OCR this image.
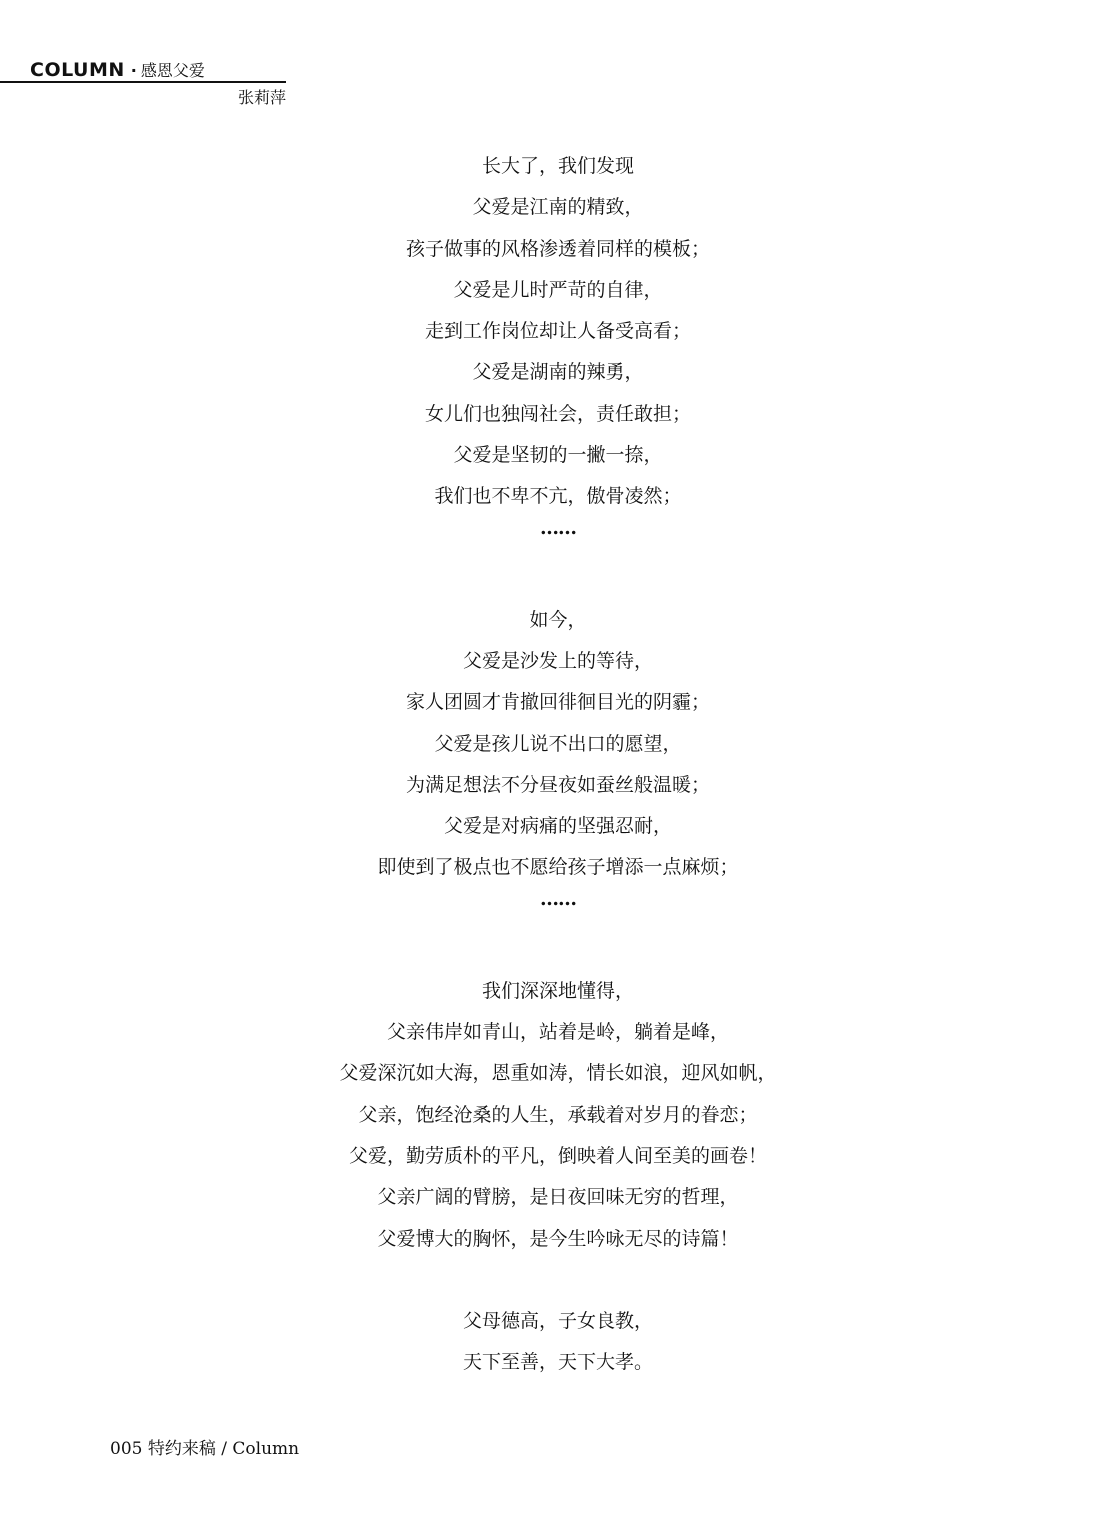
COLUMN · 感恩父爱
张莉萍
长大了，我们发现
父爱是江南的精致，
孩子做事的风格渗透着同样的模板；
父爱是儿时严苛的自律，
走到工作岗位却让人备受高看；
父爱是湖南的辣勇，
女儿们也独闯社会，责任敢担；
父爱是坚韧的一撇一捺，
我们也不卑不亢，傲骨凌然；
……
如今，
父爱是沙发上的等待，
家人团圆才肯撤回徘徊目光的阴霾；
父爱是孩儿说不出口的愿望，
为满足想法不分昼夜如蚕丝般温暖；
父爱是对病痛的坚强忍耐，
即使到了极点也不愿给孩子增添一点麻烦；
……
我们深深地懂得，
父亲伟岸如青山，站着是岭，躺着是峰，
父爱深沉如大海，恩重如涛，情长如浪，迎风如帆，
父亲，饱经沧桑的人生，承载着对岁月的眷恋；
父爱，勤劳质朴的平凡，倒映着人间至美的画卷！
父亲广阔的臂膀，是日夜回味无穷的哲理，
父爱博大的胸怀，是今生吟咏无尽的诗篇！
父母德高，子女良教，
天下至善，天下大孝。
005 特约来稿 / Column
